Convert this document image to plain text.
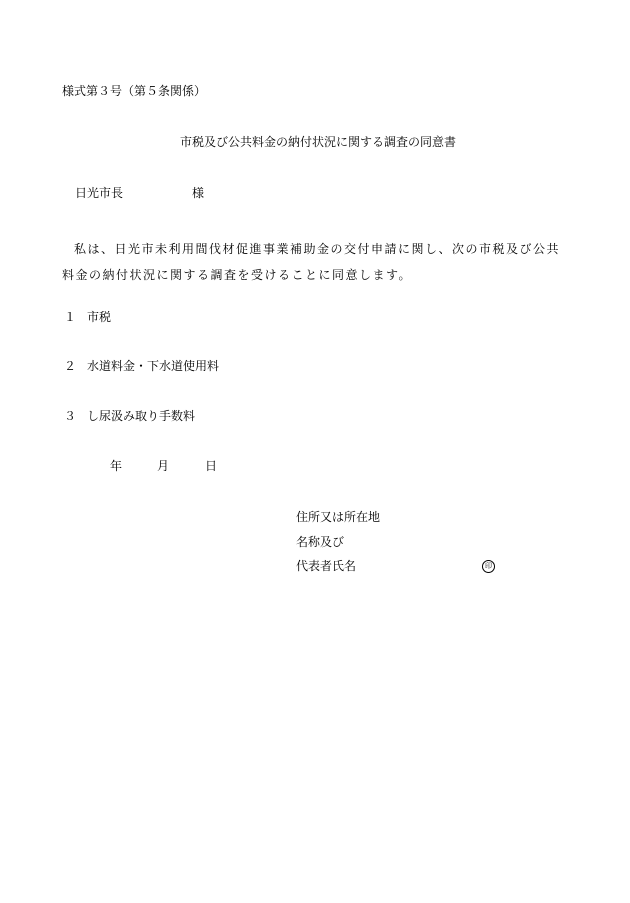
様式第３号（第５条関係）
市税及び公共料金の納付状況に関する調査の同意書
日光市長	様

私は、日光市未利用間伐材促進事業補助金の交付申請に関し、次の市税及び公共

料金の納付状況に関する調査を受けることに同意します。

１ 市税
２ 水道料金・下水道使用料
３ し尿汲み取り手数料
年	月	日
住所又は所在地
名称及び
代表者氏名	印
